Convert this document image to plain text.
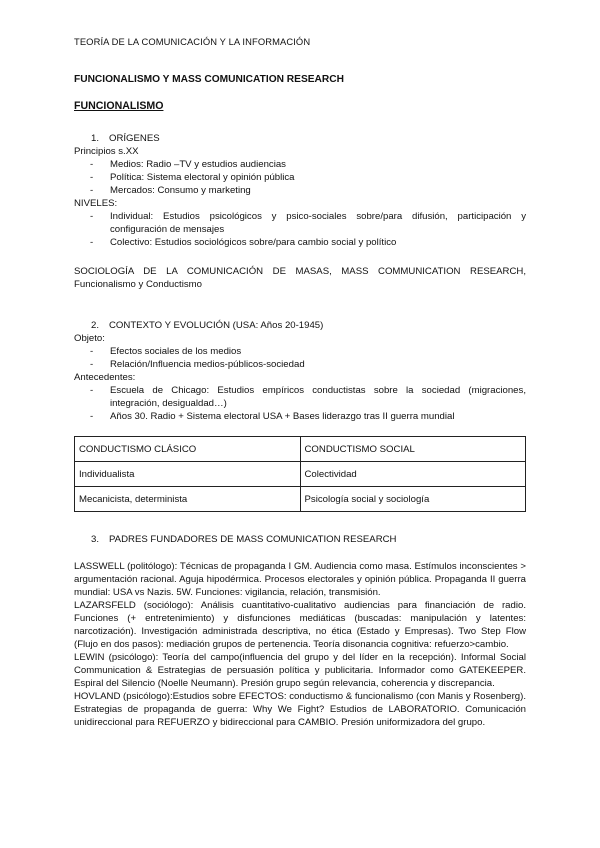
TEORÍA DE LA COMUNICACIÓN Y LA INFORMACIÓN
FUNCIONALISMO Y MASS COMUNICATION RESEARCH
FUNCIONALISMO
1. ORÍGENES
Principios s.XX
- Medios: Radio –TV y estudios audiencias
- Política: Sistema electoral y opinión pública
- Mercados: Consumo y marketing
NIVELES:
- Individual: Estudios psicológicos y psico-sociales sobre/para difusión, participación y configuración de mensajes
- Colectivo: Estudios sociológicos sobre/para cambio social y político
SOCIOLOGÍA DE LA COMUNICACIÓN DE MASAS, MASS COMMUNICATION RESEARCH, Funcionalismo y Conductismo
2. CONTEXTO Y EVOLUCIÓN (USA: Años 20-1945)
Objeto:
- Efectos sociales de los medios
- Relación/Influencia medios-públicos-sociedad
Antecedentes:
- Escuela de Chicago: Estudios empíricos conductistas sobre la sociedad (migraciones, integración, desigualdad…)
- Años 30. Radio + Sistema electoral USA + Bases liderazgo tras II guerra mundial
CONDUCTISMO CLÁSICO	CONDUCTISMO SOCIAL
Individualista	Colectividad
Mecanicista, determinista	Psicología social y sociología
3. PADRES FUNDADORES DE MASS COMUNICATION RESEARCH

LASSWELL (politólogo): Técnicas de propaganda I GM. Audiencia como masa. Estímulos inconscientes > argumentación racional. Aguja hipodérmica. Procesos electorales y opinión pública. Propaganda II guerra mundial: USA vs Nazis. 5W. Funciones: vigilancia, relación, transmisión.

LAZARSFELD (sociólogo): Análisis cuantitativo-cualitativo audiencias para financiación de radio. Funciones (+ entretenimiento) y disfunciones mediáticas (buscadas: manipulación y latentes: narcotización). Investigación administrada descriptiva, no ética (Estado y Empresas). Two Step Flow (Flujo en dos pasos): mediación grupos de pertenencia. Teoría disonancia cognitiva: refuerzo>cambio.

LEWIN (psicólogo): Teoría del campo(influencia del grupo y del líder en la recepción). Informal Social Communication & Estrategias de persuasión política y publicitaria. Informador como GATEKEEPER. Espiral del Silencio (Noelle Neumann). Presión grupo según relevancia, coherencia y discrepancia.

HOVLAND (psicólogo):Estudios sobre EFECTOS: conductismo & funcionalismo (con Manis y Rosenberg). Estrategias de propaganda de guerra: Why We Fight? Estudios de LABORATORIO. Comunicación unidireccional para REFUERZO y bidireccional para CAMBIO. Presión uniformizadora del grupo.
